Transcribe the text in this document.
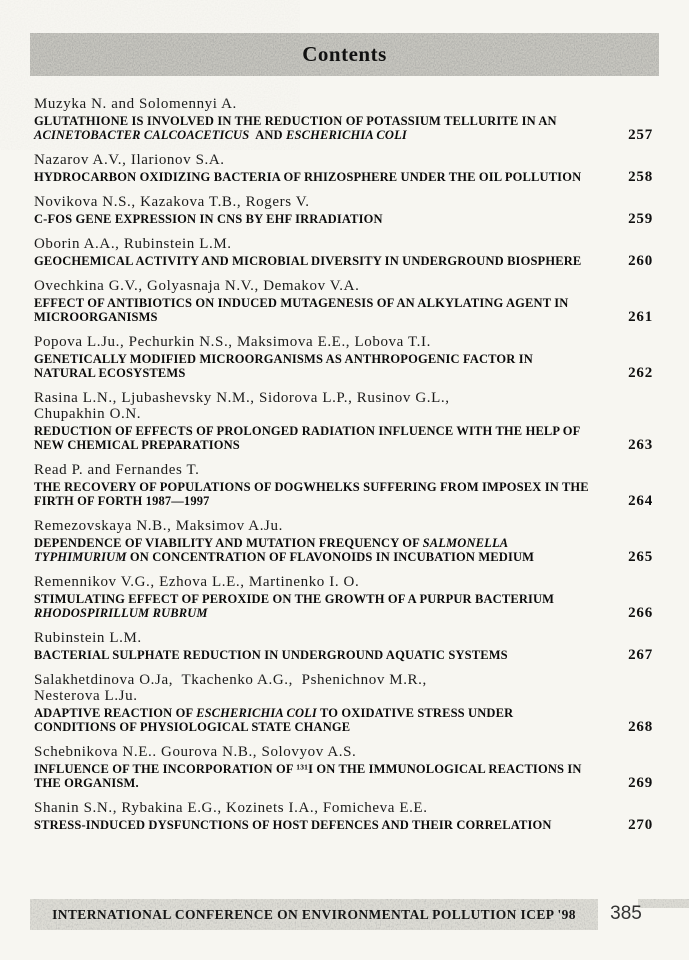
Contents
Muzyka N. and Solomennyi A.
GLUTATHIONE IS INVOLVED IN THE REDUCTION OF POTASSIUM TELLURITE IN AN
ACINETOBACTER CALCOACETICUS  AND ESCHERICHIA COLI	257
Nazarov A.V., Ilarionov S.A.
HYDROCARBON OXIDIZING BACTERIA OF RHIZOSPHERE UNDER THE OIL POLLUTION	258
Novikova N.S., Kazakova T.B., Rogers V.
C-FOS GENE EXPRESSION IN CNS BY EHF IRRADIATION	259
Oborin A.A., Rubinstein L.M.
GEOCHEMICAL ACTIVITY AND MICROBIAL DIVERSITY IN UNDERGROUND BIOSPHERE	260
Ovechkina G.V., Golyasnaja N.V., Demakov V.A.
EFFECT OF ANTIBIOTICS ON INDUCED MUTAGENESIS OF AN ALKYLATING AGENT IN
MICROORGANISMS	261
Popova L.Ju., Pechurkin N.S., Maksimova E.E., Lobova T.I.
GENETICALLY MODIFIED MICROORGANISMS AS ANTHROPOGENIC FACTOR IN
NATURAL ECOSYSTEMS	262
Rasina L.N., Ljubashevsky N.M., Sidorova L.P., Rusinov G.L.,
Chupakhin O.N.
REDUCTION OF EFFECTS OF PROLONGED RADIATION INFLUENCE WITH THE HELP OF
NEW CHEMICAL PREPARATIONS	263
Read P. and Fernandes T.
THE RECOVERY OF POPULATIONS OF DOGWHELKS SUFFERING FROM IMPOSEX IN THE
FIRTH OF FORTH 1987—1997	264
Remezovskaya N.B., Maksimov A.Ju.
DEPENDENCE OF VIABILITY AND MUTATION FREQUENCY OF SALMONELLA
TYPHIMURIUM ON CONCENTRATION OF FLAVONOIDS IN INCUBATION MEDIUM	265
Remennikov V.G., Ezhova L.E., Martinenko I. O.
STIMULATING EFFECT OF PEROXIDE ON THE GROWTH OF A PURPUR BACTERIUM
RHODOSPIRILLUM RUBRUM	266
Rubinstein L.M.
BACTERIAL SULPHATE REDUCTION IN UNDERGROUND AQUATIC SYSTEMS	267
Salakhetdinova O.Ja,  Tkachenko A.G.,  Pshenichnov M.R.,
Nesterova L.Ju.
ADAPTIVE REACTION OF ESCHERICHIA COLI TO OXIDATIVE STRESS UNDER
CONDITIONS OF PHYSIOLOGICAL STATE CHANGE	268
Schebnikova N.E.. Gourova N.B., Solovyov A.S.
INFLUENCE OF THE INCORPORATION OF ¹³¹I ON THE IMMUNOLOGICAL REACTIONS IN
THE ORGANISM.	269
Shanin S.N., Rybakina E.G., Kozinets I.A., Fomicheva E.E.
STRESS-INDUCED DYSFUNCTIONS OF HOST DEFENCES AND THEIR CORRELATION	270
INTERNATIONAL CONFERENCE ON ENVIRONMENTAL POLLUTION ICEP '98	385
